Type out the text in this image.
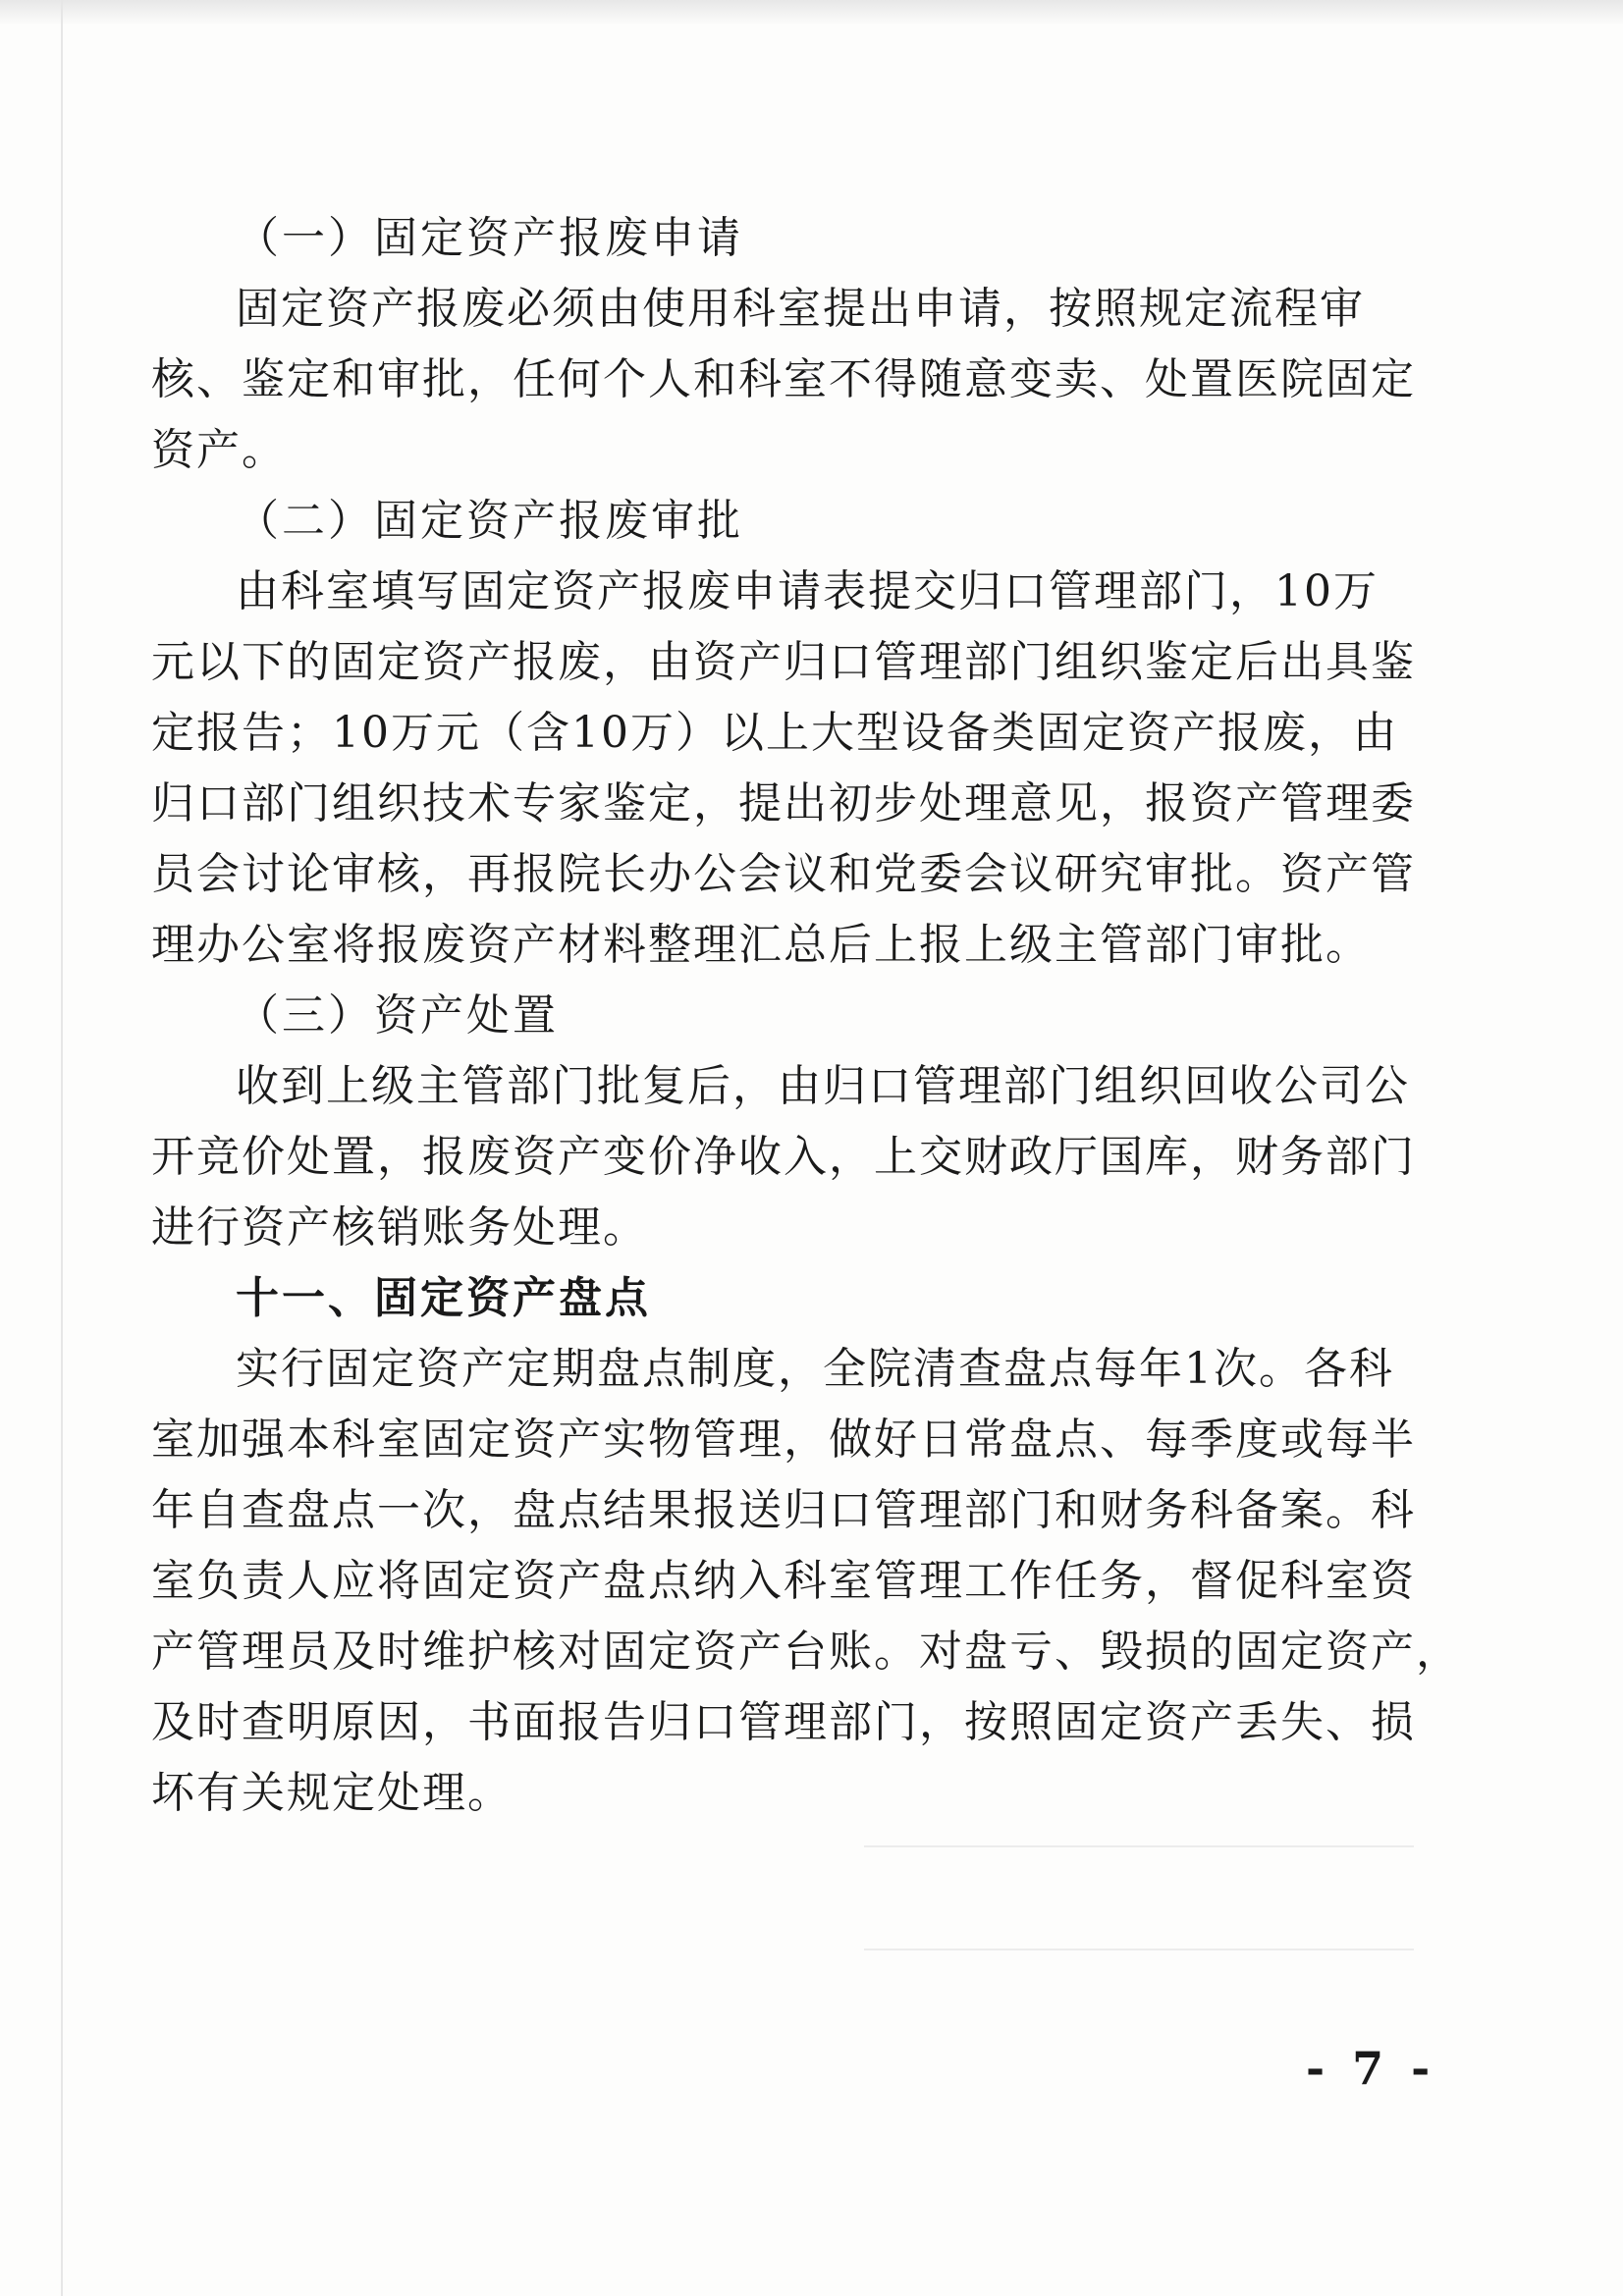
（一）固定资产报废申请
固定资产报废必须由使用科室提出申请，按照规定流程审
核、鉴定和审批，任何个人和科室不得随意变卖、处置医院固定
资产。
（二）固定资产报废审批
由科室填写固定资产报废申请表提交归口管理部门，10万
元以下的固定资产报废，由资产归口管理部门组织鉴定后出具鉴
定报告；10万元（含10万）以上大型设备类固定资产报废，由
归口部门组织技术专家鉴定，提出初步处理意见，报资产管理委
员会讨论审核，再报院长办公会议和党委会议研究审批。资产管
理办公室将报废资产材料整理汇总后上报上级主管部门审批。
（三）资产处置
收到上级主管部门批复后，由归口管理部门组织回收公司公
开竞价处置，报废资产变价净收入，上交财政厅国库，财务部门
进行资产核销账务处理。
十一、固定资产盘点
实行固定资产定期盘点制度，全院清查盘点每年1次。各科
室加强本科室固定资产实物管理，做好日常盘点、每季度或每半
年自查盘点一次，盘点结果报送归口管理部门和财务科备案。科
室负责人应将固定资产盘点纳入科室管理工作任务，督促科室资
产管理员及时维护核对固定资产台账。对盘亏、毁损的固定资产，
及时查明原因，书面报告归口管理部门，按照固定资产丢失、损
坏有关规定处理。
- 7 -
